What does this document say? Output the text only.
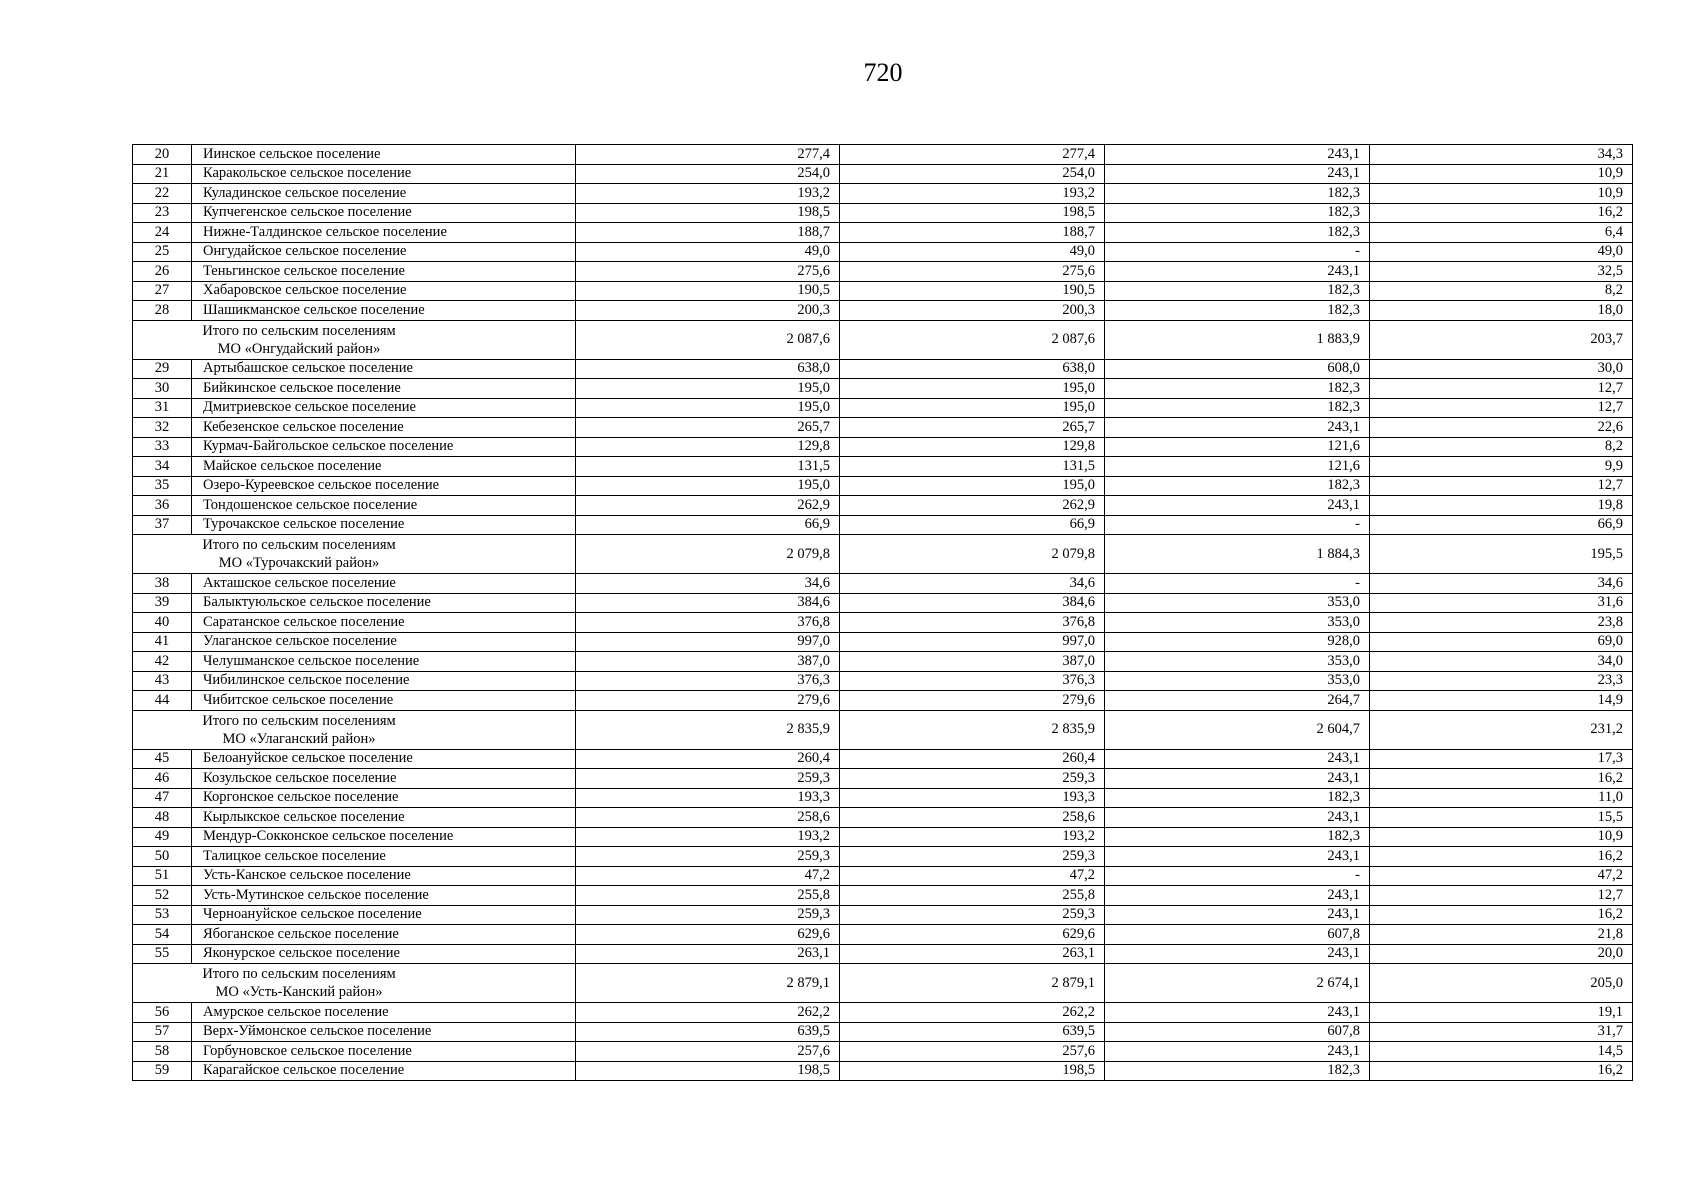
720
20	Иинское сельское поселение	277,4	277,4	243,1	34,3
21	Каракольское сельское поселение	254,0	254,0	243,1	10,9
22	Куладинское сельское поселение	193,2	193,2	182,3	10,9
23	Купчегенское сельское поселение	198,5	198,5	182,3	16,2
24	Нижне-Талдинское сельское поселение	188,7	188,7	182,3	6,4
25	Онгудайское сельское поселение	49,0	49,0	-	49,0
26	Теньгинское сельское поселение	275,6	275,6	243,1	32,5
27	Хабаровское сельское поселение	190,5	190,5	182,3	8,2
28	Шашикманское сельское поселение	200,3	200,3	182,3	18,0

Итого по сельским поселениям
МО «Онгудайский район»		2 087,6	2 087,6	1 883,9	203,7
29	Артыбашское сельское поселение	638,0	638,0	608,0	30,0
30	Бийкинское сельское поселение	195,0	195,0	182,3	12,7
31	Дмитриевское сельское поселение	195,0	195,0	182,3	12,7
32	Кебезенское сельское поселение	265,7	265,7	243,1	22,6
33	Курмач-Байгольское сельское поселение	129,8	129,8	121,6	8,2
34	Майское сельское поселение	131,5	131,5	121,6	9,9
35	Озеро-Куреевское сельское поселение	195,0	195,0	182,3	12,7
36	Тондошенское сельское поселение	262,9	262,9	243,1	19,8
37	Турочакское сельское поселение	66,9	66,9	-	66,9

Итого по сельским поселениям
МО «Турочакский район»		2 079,8	2 079,8	1 884,3	195,5
38	Акташское сельское поселение	34,6	34,6	-	34,6
39	Балыктуюльское сельское поселение	384,6	384,6	353,0	31,6
40	Саратанское сельское поселение	376,8	376,8	353,0	23,8
41	Улаганское сельское поселение	997,0	997,0	928,0	69,0
42	Челушманское сельское поселение	387,0	387,0	353,0	34,0
43	Чибилинское сельское поселение	376,3	376,3	353,0	23,3
44	Чибитское сельское поселение	279,6	279,6	264,7	14,9

Итого по сельским поселениям
МО «Улаганский район»		2 835,9	2 835,9	2 604,7	231,2
45	Белоануйское сельское поселение	260,4	260,4	243,1	17,3
46	Козульское сельское поселение	259,3	259,3	243,1	16,2
47	Коргонское сельское поселение	193,3	193,3	182,3	11,0
48	Кырлыкское сельское поселение	258,6	258,6	243,1	15,5
49	Мендур-Сокконское сельское поселение	193,2	193,2	182,3	10,9
50	Талицкое сельское поселение	259,3	259,3	243,1	16,2
51	Усть-Канское сельское поселение	47,2	47,2	-	47,2
52	Усть-Мутинское сельское поселение	255,8	255,8	243,1	12,7
53	Черноануйское сельское поселение	259,3	259,3	243,1	16,2
54	Ябоганское сельское поселение	629,6	629,6	607,8	21,8
55	Яконурское сельское поселение	263,1	263,1	243,1	20,0

Итого по сельским поселениям
МО «Усть-Канский район»		2 879,1	2 879,1	2 674,1	205,0
56	Амурское сельское поселение	262,2	262,2	243,1	19,1
57	Верх-Уймонское сельское поселение	639,5	639,5	607,8	31,7
58	Горбуновское сельское поселение	257,6	257,6	243,1	14,5
59	Карагайское сельское поселение	198,5	198,5	182,3	16,2
